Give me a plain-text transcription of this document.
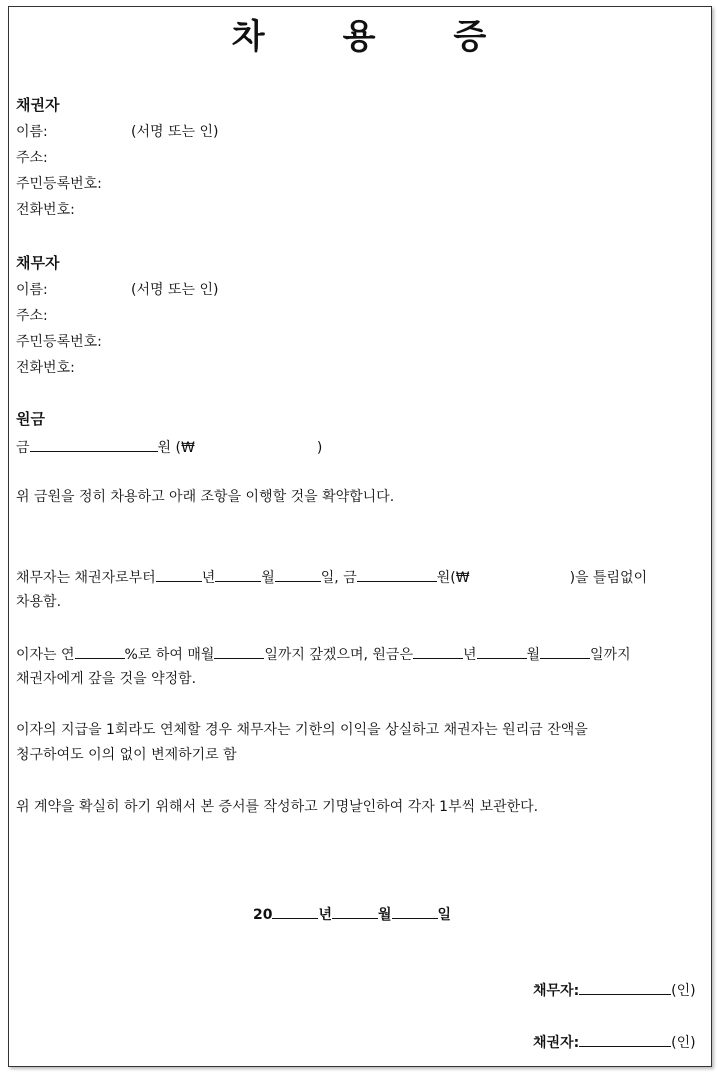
차 용 증
채권자
이름:	(서명 또는 인)
주소:
주민등록번호:
전화번호:
채무자
이름:	(서명 또는 인)
주소:
주민등록번호:
전화번호:
원금
금	원 (₩	)
위 금원을 정히 차용하고 아래 조항을 이행할 것을 확약합니다.
채무자는 채권자로부터	년	월	일, 금	원(₩	)을 틀림없이
차용함.
이자는 연	%로 하여 매월	일까지 갚겠으며, 원금은	년	월	일까지
채권자에게 갚을 것을 약정함.
이자의 지급을 1회라도 연체할 경우 채무자는 기한의 이익을 상실하고 채권자는 원리금 잔액을
청구하여도 이의 없이 변제하기로 함
위 계약을 확실히 하기 위해서 본 증서를 작성하고 기명날인하여 각자 1부씩 보관한다.
20	년	월	일
채무자:	(인)
채권자:	(인)
